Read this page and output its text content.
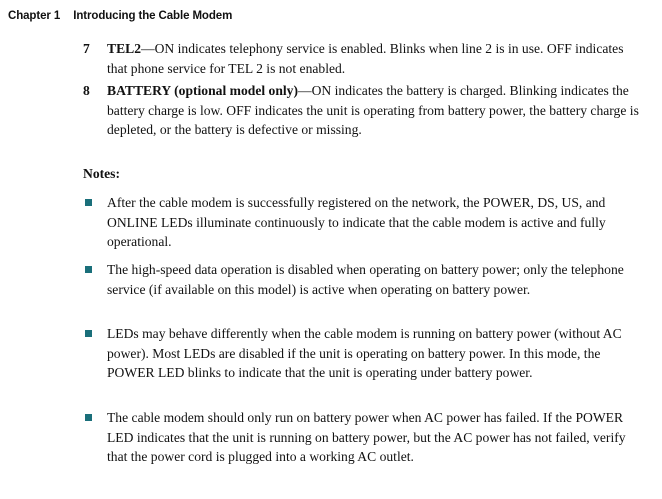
Chapter 1 Introducing the Cable Modem
7 TEL2—ON indicates telephony service is enabled. Blinks when line 2 is in use. OFF indicates that phone service for TEL 2 is not enabled.
8 BATTERY (optional model only)—ON indicates the battery is charged. Blinking indicates the battery charge is low. OFF indicates the unit is operating from battery power, the battery charge is depleted, or the battery is defective or missing.
Notes:
After the cable modem is successfully registered on the network, the POWER, DS, US, and ONLINE LEDs illuminate continuously to indicate that the cable modem is active and fully operational.
The high-speed data operation is disabled when operating on battery power; only the telephone service (if available on this model) is active when operating on battery power.
LEDs may behave differently when the cable modem is running on battery power (without AC power). Most LEDs are disabled if the unit is operating on battery power. In this mode, the POWER LED blinks to indicate that the unit is operating under battery power.
The cable modem should only run on battery power when AC power has failed. If the POWER LED indicates that the unit is running on battery power, but the AC power has not failed, verify that the power cord is plugged into a working AC outlet.
